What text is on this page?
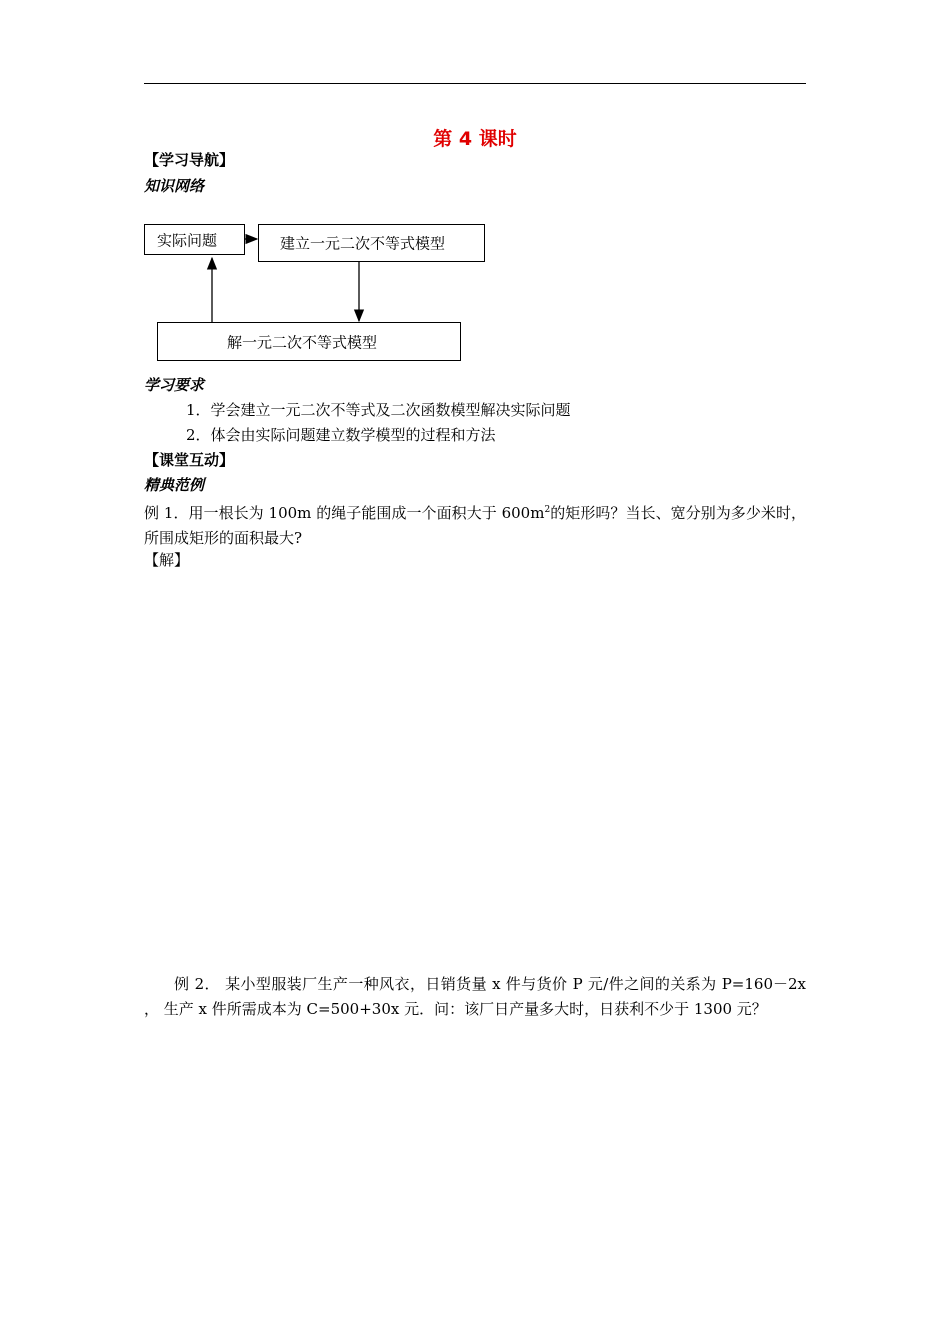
第 4 课时
【学习导航】
知识网络
实际问题	建立一元二次不等式模型
解一元二次不等式模型
学习要求
1．学会建立一元二次不等式及二次函数模型解决实际问题
2．体会由实际问题建立数学模型的过程和方法
【课堂互动】
精典范例
例 1．用一根长为 100m 的绳子能围成一个面积大于 $600m^2$的矩形吗？当长、宽分别为多少米时，所围成矩形的面积最大?
【解】
例 2． 某小型服装厂生产一种风衣，日销货量 x 件与货价 P 元/件之间的关系为 P=160－2x ， 生产 x 件所需成本为 C=500+30x 元．问：该厂日产量多大时，日获利不少于 1300 元？
